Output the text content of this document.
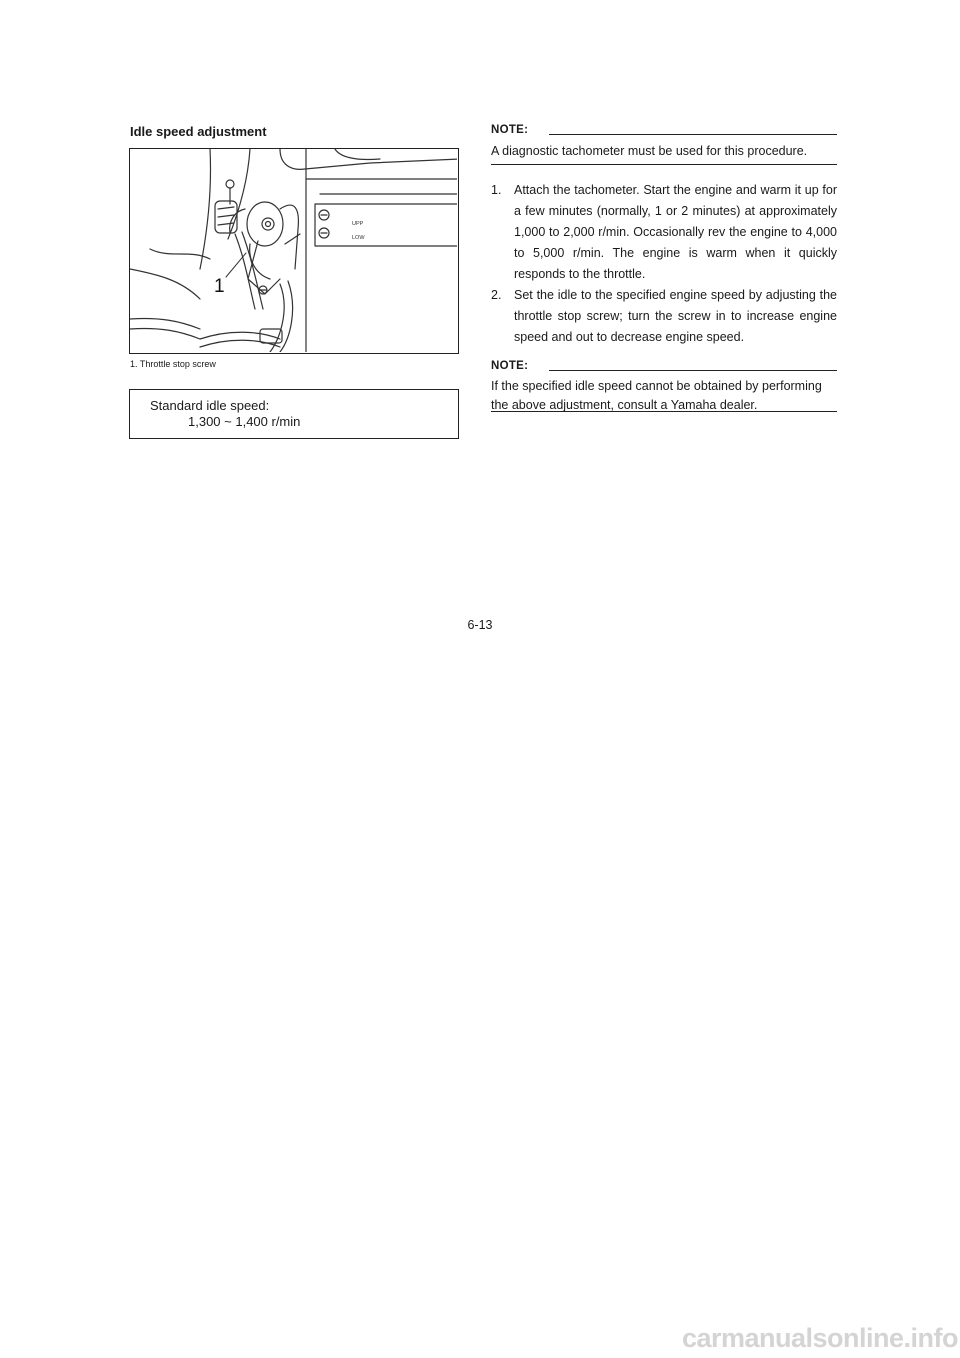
Idle speed adjustment
UPP
LOW
1
1. Throttle stop screw
Standard idle speed:
1,300 ~ 1,400 r/min
NOTE:
A diagnostic tachometer must be used for this procedure.
1. Attach the tachometer. Start the engine and warm it up for a few minutes (normally, 1 or 2 minutes) at approximately 1,000 to 2,000 r/min. Occasionally rev the engine to 4,000 to 5,000 r/min. The engine is warm when it quickly responds to the throttle.
2. Set the idle to the specified engine speed by adjusting the throttle stop screw; turn the screw in to increase engine speed and out to decrease engine speed.
NOTE:
If the specified idle speed cannot be obtained by performing the above adjustment, consult a Yamaha dealer.
6-13
carmanualsonline.info
